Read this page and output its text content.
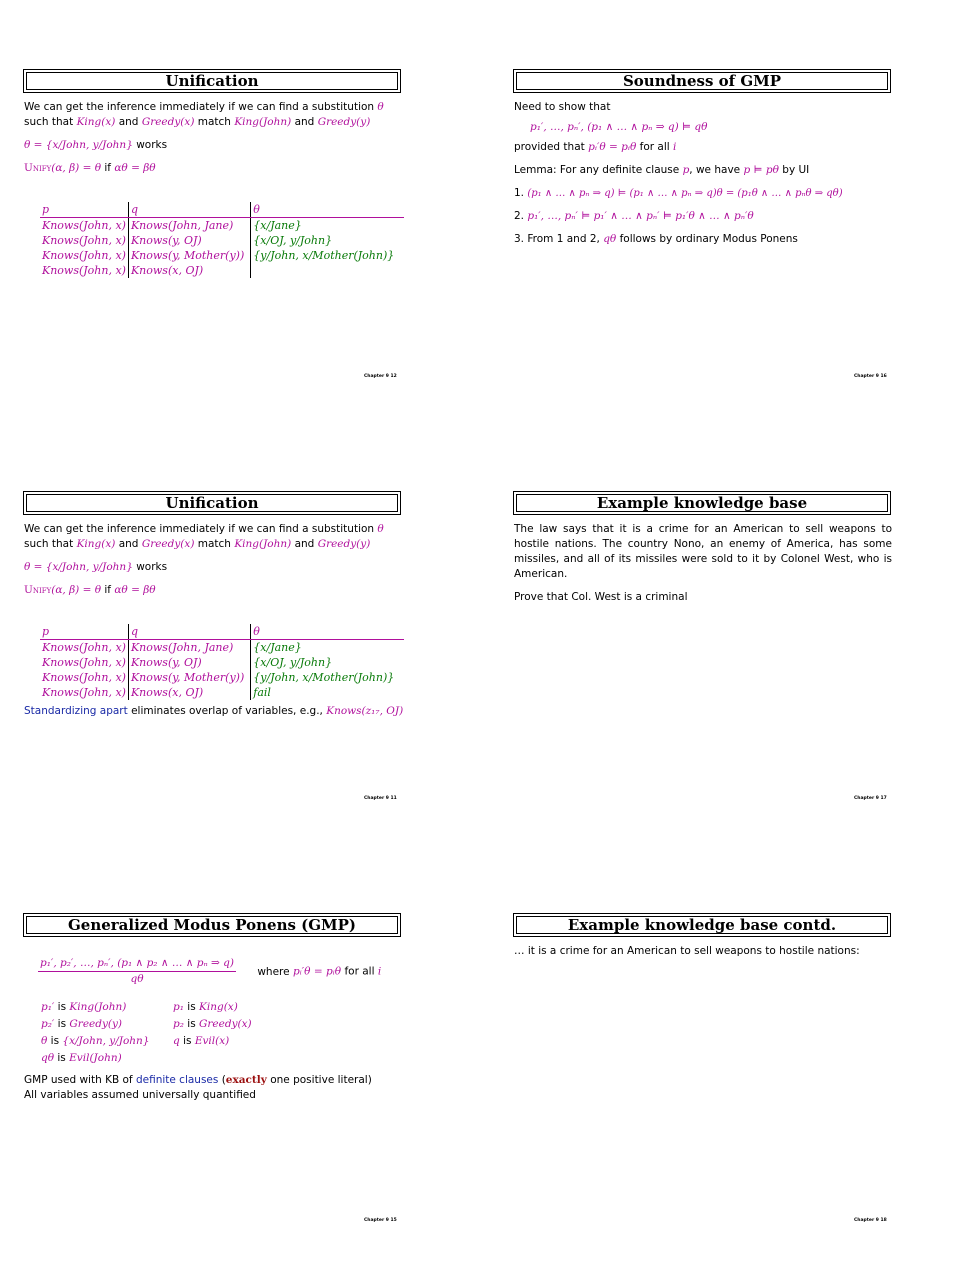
Unification
We can get the inference immediately if we can find a substitution θ
such that King(x) and Greedy(x) match King(John) and Greedy(y)
θ = {x/John, y/John} works
Unify(α, β) = θ if αθ = βθ
p	q	θ
Knows(John, x)	Knows(John, Jane)	{x/Jane}
Knows(John, x)	Knows(y, OJ)	{x/OJ, y/John}
Knows(John, x)	Knows(y, Mother(y))	{y/John, x/Mother(John)}
Knows(John, x)	Knows(x, OJ)	
Chapter 9 12
Soundness of GMP
Need to show that
p₁′, …, pₙ′, (p₁ ∧ … ∧ pₙ ⇒ q) ⊨ qθ
provided that pᵢ′θ = pᵢθ for all i
Lemma: For any definite clause p, we have p ⊨ pθ by UI
1. (p₁ ∧ … ∧ pₙ ⇒ q) ⊨ (p₁ ∧ … ∧ pₙ ⇒ q)θ = (p₁θ ∧ … ∧ pₙθ ⇒ qθ)
2. p₁′, …, pₙ′ ⊨ p₁′ ∧ … ∧ pₙ′ ⊨ p₁′θ ∧ … ∧ pₙ′θ
3. From 1 and 2, qθ follows by ordinary Modus Ponens
Chapter 9 16
Unification
We can get the inference immediately if we can find a substitution θ
such that King(x) and Greedy(x) match King(John) and Greedy(y)
θ = {x/John, y/John} works
Unify(α, β) = θ if αθ = βθ
p	q	θ
Knows(John, x)	Knows(John, Jane)	{x/Jane}
Knows(John, x)	Knows(y, OJ)	{x/OJ, y/John}
Knows(John, x)	Knows(y, Mother(y))	{y/John, x/Mother(John)}
Knows(John, x)	Knows(x, OJ)	fail
Standardizing apart eliminates overlap of variables, e.g., Knows(z₁₇, OJ)
Chapter 9 11
Example knowledge base
The law says that it is a crime for an American to sell weapons to hostile nations. The country Nono, an enemy of America, has some missiles, and all of its missiles were sold to it by Colonel West, who is American.
Prove that Col. West is a criminal
Chapter 9 17
Generalized Modus Ponens (GMP)
$\frac{\text{p₁′, p₂′, …, pₙ′, (p₁ ∧ p₂ ∧ … ∧ pₙ ⇒ q)}}{q\theta}$ where pᵢ′θ = pᵢθ for all i
p₁′ is King(John)	p₁ is King(x)
p₂′ is Greedy(y)	p₂ is Greedy(x)
θ is {x/John, y/John}	q is Evil(x)
qθ is Evil(John)	
GMP used with KB of definite clauses (exactly one positive literal)
All variables assumed universally quantified
Chapter 9 15
Example knowledge base contd.
… it is a crime for an American to sell weapons to hostile nations:
Chapter 9 18
